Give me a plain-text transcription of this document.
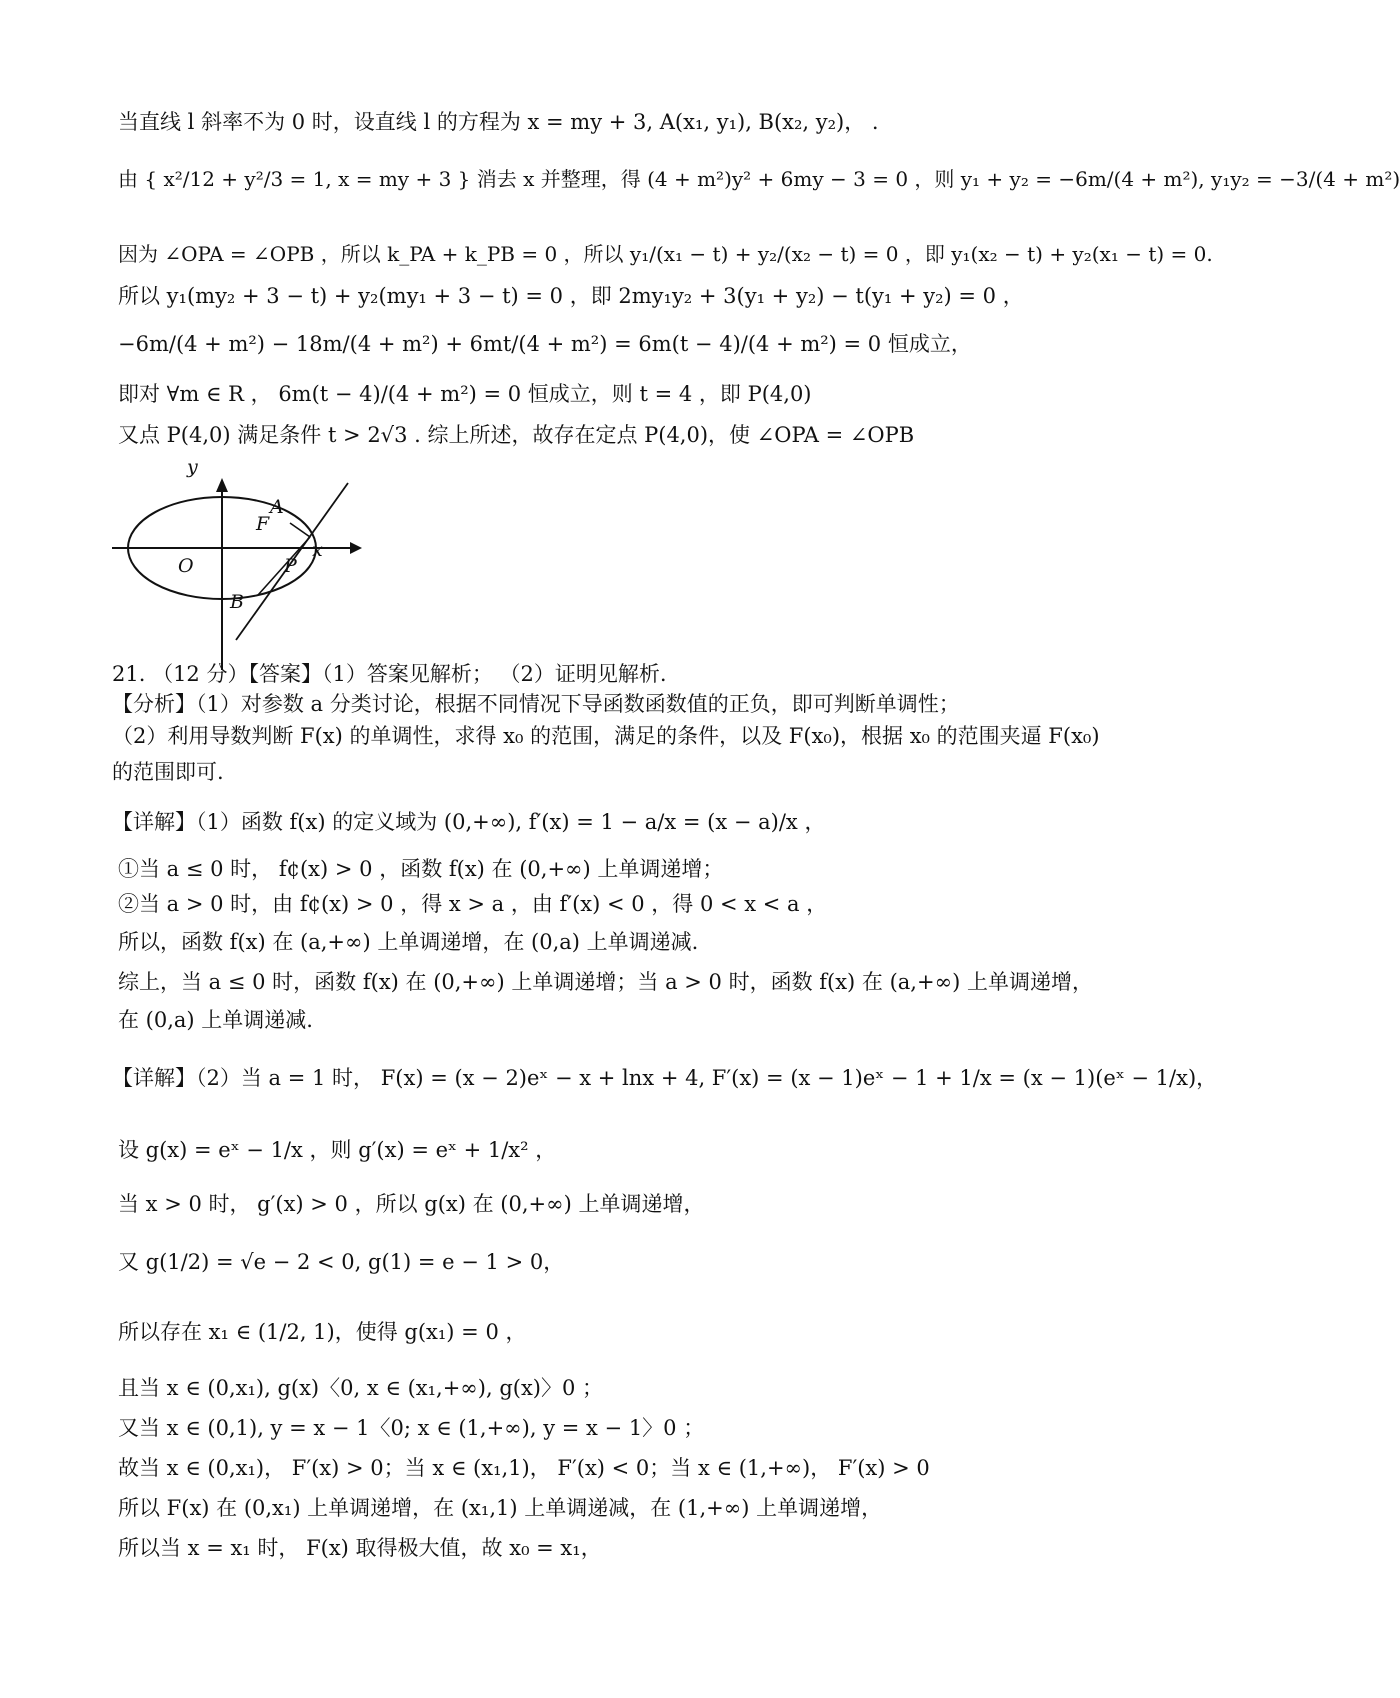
当直线 l 斜率不为 0 时，设直线 l 的方程为 x = my + 3, A(x₁, y₁), B(x₂, y₂)， .
由 { x²/12 + y²/3 = 1, x = my + 3 } 消去 x 并整理，得 (4 + m²)y² + 6my − 3 = 0 ，则 y₁ + y₂ = −6m/(4 + m²), y₁y₂ = −3/(4 + m²)
因为 ∠OPA = ∠OPB ，所以 k_PA + k_PB = 0 ，所以 y₁/(x₁ − t) + y₂/(x₂ − t) = 0 ，即 y₁(x₂ − t) + y₂(x₁ − t) = 0.
所以 y₁(my₂ + 3 − t) + y₂(my₁ + 3 − t) = 0 ，即 2my₁y₂ + 3(y₁ + y₂) − t(y₁ + y₂) = 0 ，
−6m/(4 + m²) − 18m/(4 + m²) + 6mt/(4 + m²) = 6m(t − 4)/(4 + m²) = 0 恒成立，
即对 ∀m ∈ R ， 6m(t − 4)/(4 + m²) = 0 恒成立，则 t = 4 ，即 P(4,0)
又点 P(4,0) 满足条件 t > 2√3 . 综上所述，故存在定点 P(4,0)，使 ∠OPA = ∠OPB
y
x
O
F
A
P
B
21. （12 分）【答案】（1）答案见解析； （2）证明见解析.
【分析】（1）对参数 a 分类讨论，根据不同情况下导函数函数值的正负，即可判断单调性；
（2）利用导数判断 F(x) 的单调性，求得 x₀ 的范围，满足的条件，以及 F(x₀)，根据 x₀ 的范围夹逼 F(x₀)
的范围即可.
【详解】（1）函数 f(x) 的定义域为 (0,+∞), f′(x) = 1 − a/x = (x − a)/x ，
①当 a ≤ 0 时， f¢(x) > 0 ，函数 f(x) 在 (0,+∞) 上单调递增；
②当 a > 0 时，由 f¢(x) > 0 ，得 x > a ，由 f′(x) < 0 ，得 0 < x < a ，
所以，函数 f(x) 在 (a,+∞) 上单调递增，在 (0,a) 上单调递减.
综上，当 a ≤ 0 时，函数 f(x) 在 (0,+∞) 上单调递增；当 a > 0 时，函数 f(x) 在 (a,+∞) 上单调递增，
在 (0,a) 上单调递减.
【详解】（2）当 a = 1 时， F(x) = (x − 2)eˣ − x + lnx + 4, F′(x) = (x − 1)eˣ − 1 + 1/x = (x − 1)(eˣ − 1/x)，
设 g(x) = eˣ − 1/x ，则 g′(x) = eˣ + 1/x² ，
当 x > 0 时， g′(x) > 0 ，所以 g(x) 在 (0,+∞) 上单调递增，
又 g(1/2) = √e − 2 < 0, g(1) = e − 1 > 0，
所以存在 x₁ ∈ (1/2, 1)，使得 g(x₁) = 0 ，
且当 x ∈ (0,x₁), g(x)〈0, x ∈ (x₁,+∞), g(x)〉0 ；
又当 x ∈ (0,1), y = x − 1〈0; x ∈ (1,+∞), y = x − 1〉0 ；
故当 x ∈ (0,x₁)， F′(x) > 0；当 x ∈ (x₁,1)， F′(x) < 0；当 x ∈ (1,+∞)， F′(x) > 0
所以 F(x) 在 (0,x₁) 上单调递增，在 (x₁,1) 上单调递减，在 (1,+∞) 上单调递增，
所以当 x = x₁ 时， F(x) 取得极大值，故 x₀ = x₁，
